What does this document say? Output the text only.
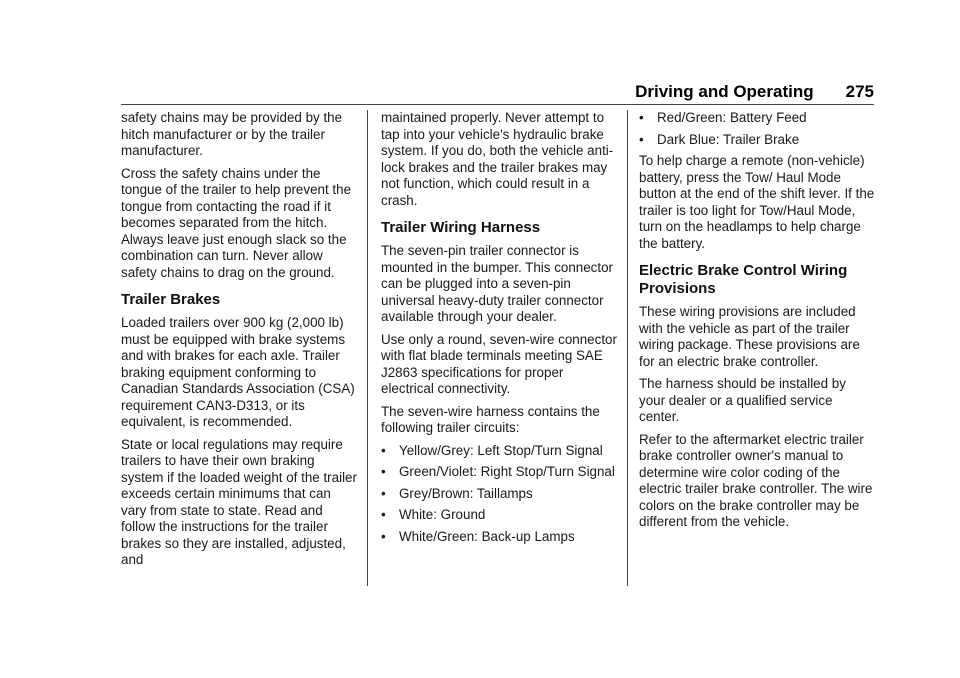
Driving and Operating 275

safety chains may be provided by the hitch manufacturer or by the trailer manufacturer.

Cross the safety chains under the tongue of the trailer to help prevent the tongue from contacting the road if it becomes separated from the hitch. Always leave just enough slack so the combination can turn. Never allow safety chains to drag on the ground.

Trailer Brakes

Loaded trailers over 900 kg (2,000 lb) must be equipped with brake systems and with brakes for each axle. Trailer braking equipment conforming to Canadian Standards Association (CSA) requirement CAN3-D313, or its equivalent, is recommended.

State or local regulations may require trailers to have their own braking system if the loaded weight of the trailer exceeds certain minimums that can vary from state to state. Read and follow the instructions for the trailer brakes so they are installed, adjusted, and

maintained properly. Never attempt to tap into your vehicle's hydraulic brake system. If you do, both the vehicle anti-lock brakes and the trailer brakes may not function, which could result in a crash.

Trailer Wiring Harness

The seven-pin trailer connector is mounted in the bumper. This connector can be plugged into a seven-pin universal heavy-duty trailer connector available through your dealer.

Use only a round, seven-wire connector with flat blade terminals meeting SAE J2863 specifications for proper electrical connectivity.

The seven-wire harness contains the following trailer circuits:

• Yellow/Grey: Left Stop/Turn Signal
• Green/Violet: Right Stop/Turn Signal
• Grey/Brown: Taillamps
• White: Ground
• White/Green: Back-up Lamps
• Red/Green: Battery Feed
• Dark Blue: Trailer Brake

To help charge a remote (non-vehicle) battery, press the Tow/ Haul Mode button at the end of the shift lever. If the trailer is too light for Tow/Haul Mode, turn on the headlamps to help charge the battery.

Electric Brake Control Wiring Provisions

These wiring provisions are included with the vehicle as part of the trailer wiring package. These provisions are for an electric brake controller.

The harness should be installed by your dealer or a qualified service center.

Refer to the aftermarket electric trailer brake controller owner's manual to determine wire color coding of the electric trailer brake controller. The wire colors on the brake controller may be different from the vehicle.
